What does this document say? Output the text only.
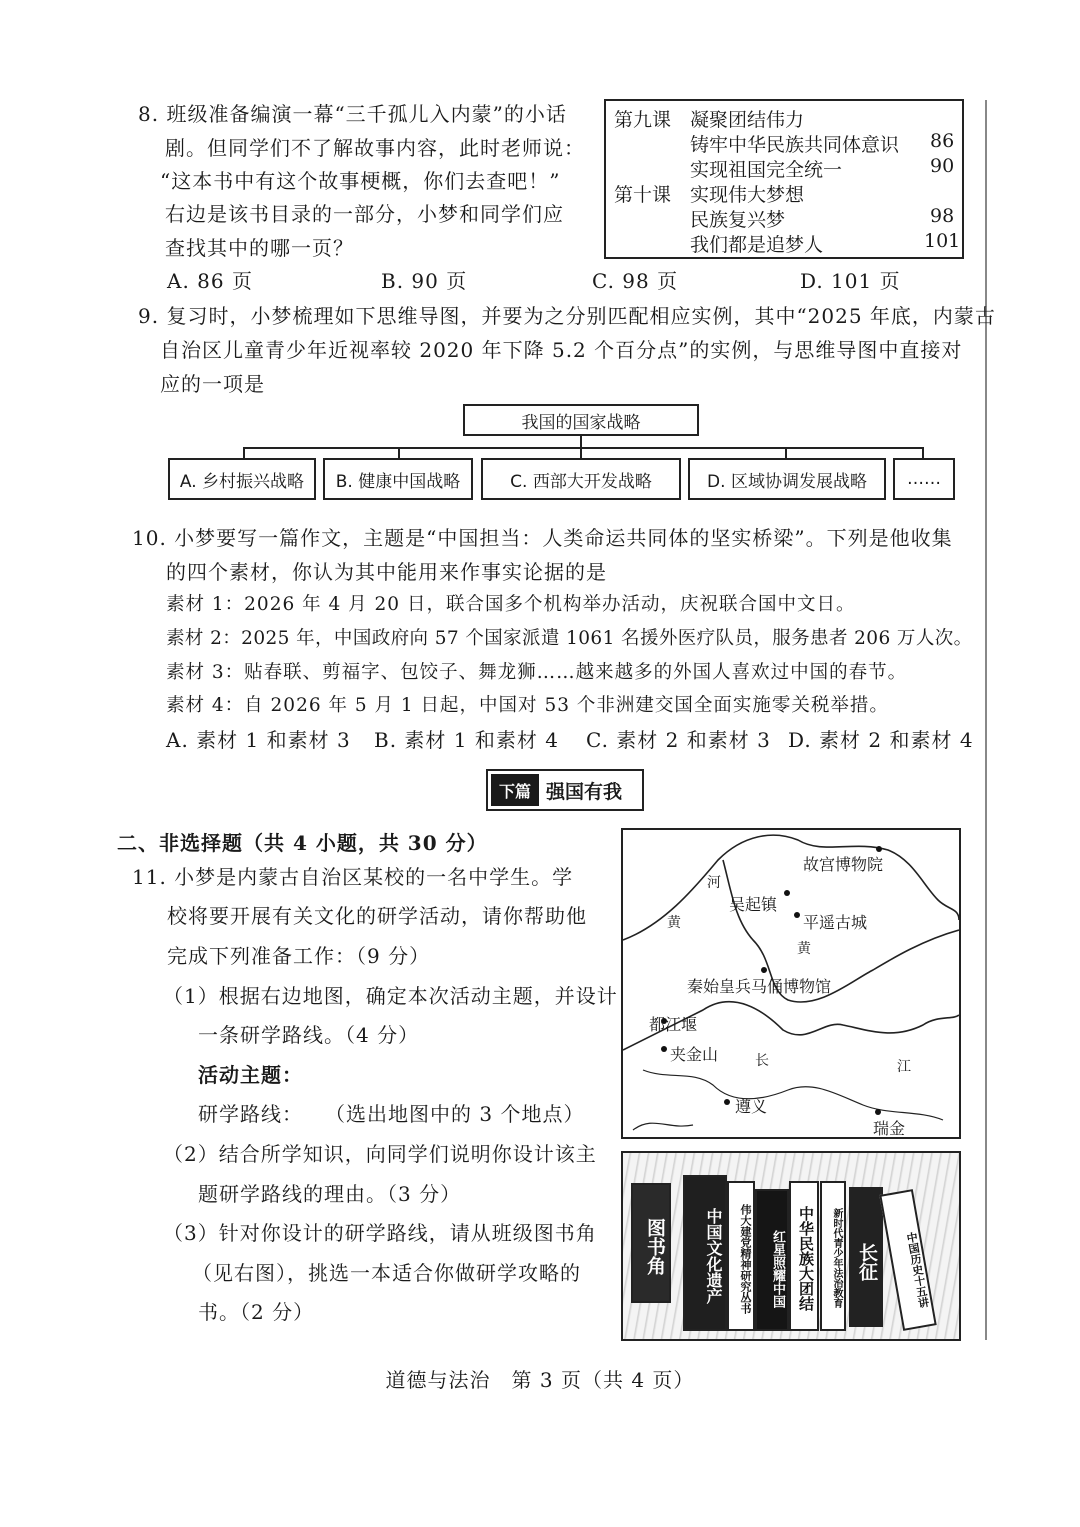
8. 班级准备编演一幕“三千孤儿入内蒙”的小话
剧。但同学们不了解故事内容，此时老师说：
“这本书中有这个故事梗概，你们去查吧！”
右边是该书目录的一部分，小梦和同学们应
查找其中的哪一页？
A. 86 页	B. 90 页	C. 98 页	D. 101 页
第九课 凝聚团结伟力
铸牢中华民族共同体意识 86
实现祖国完全统一	90
第十课 实现伟大梦想
民族复兴梦	98
我们都是追梦人	101
9. 复习时，小梦梳理如下思维导图，并要为之分别匹配相应实例，其中“2025 年底，内蒙古
自治区儿童青少年近视率较 2020 年下降 5.2 个百分点”的实例，与思维导图中直接对
应的一项是
我国的国家战略
A. 乡村振兴战略	B. 健康中国战略	C. 西部大开发战略	D. 区域协调发展战略	……
10. 小梦要写一篇作文，主题是“中国担当：人类命运共同体的坚实桥梁”。下列是他收集
的四个素材，你认为其中能用来作事实论据的是
素材 1：2026 年 4 月 20 日，联合国多个机构举办活动，庆祝联合国中文日。
素材 2：2025 年，中国政府向 57 个国家派遣 1061 名援外医疗队员，服务患者 206 万人次。
素材 3：贴春联、剪福字、包饺子、舞龙狮……越来越多的外国人喜欢过中国的春节。
素材 4：自 2026 年 5 月 1 日起，中国对 53 个非洲建交国全面实施零关税举措。
A. 素材 1 和素材 3 B. 素材 1 和素材 4 C. 素材 2 和素材 3 D. 素材 2 和素材 4
下篇 强国有我
二、非选择题（共 4 小题，共 30 分）
11. 小梦是内蒙古自治区某校的一名中学生。学
校将要开展有关文化的研学活动，请你帮助他
完成下列准备工作：（9 分）
（1）根据右边地图，确定本次活动主题，并设计
一条研学路线。（4 分）
活动主题：
研学路线：　　（选出地图中的 3 个地点）
（2）结合所学知识，向同学们说明你设计该主
题研学路线的理由。（3 分）
（3）针对你设计的研学路线，请从班级图书角
（见右图），挑选一本适合你做研学攻略的
书。（2 分）
故宫博物院
吴起镇
平遥古城
秦始皇兵马俑博物馆
都江堰
夹金山
遵义
瑞金
河
黄
黄
长	江
图书角	中国文化遗产	伟大建党精神研究丛书	红星照耀中国 中华民族大团结	新时代青少年法治教育 长征	中国历史十五讲
道德与法治　第 3 页（共 4 页）
